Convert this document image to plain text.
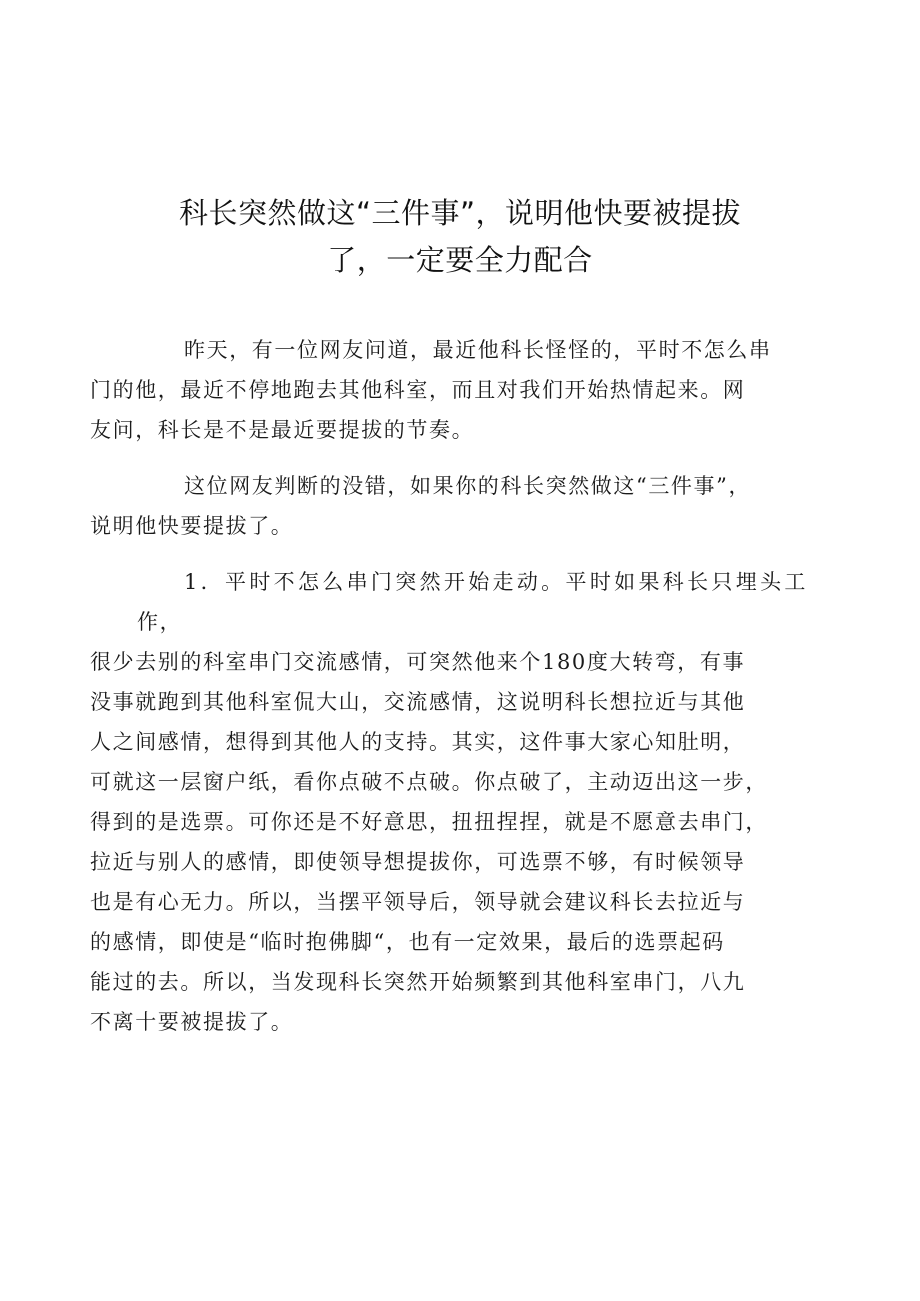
科长突然做这“三件事”，说明他快要被提拔
了，一定要全力配合

昨天，有一位网友问道，最近他科长怪怪的，平时不怎么串
门的他，最近不停地跑去其他科室，而且对我们开始热情起来。网
友问，科长是不是最近要提拔的节奏。

这位网友判断的没错，如果你的科长突然做这“三件事”，
说明他快要提拔了。

1．平时不怎么串门突然开始走动。平时如果科长只埋头工作，
很少去别的科室串门交流感情，可突然他来个180度大转弯，有事
没事就跑到其他科室侃大山，交流感情，这说明科长想拉近与其他
人之间感情，想得到其他人的支持。其实，这件事大家心知肚明，
可就这一层窗户纸，看你点破不点破。你点破了，主动迈出这一步，
得到的是选票。可你还是不好意思，扭扭捏捏，就是不愿意去串门，
拉近与别人的感情，即使领导想提拔你，可选票不够，有时候领导
也是有心无力。所以，当摆平领导后，领导就会建议科长去拉近与
的感情，即使是“临时抱佛脚“，也有一定效果，最后的选票起码
能过的去。所以，当发现科长突然开始频繁到其他科室串门，八九
不离十要被提拔了。
